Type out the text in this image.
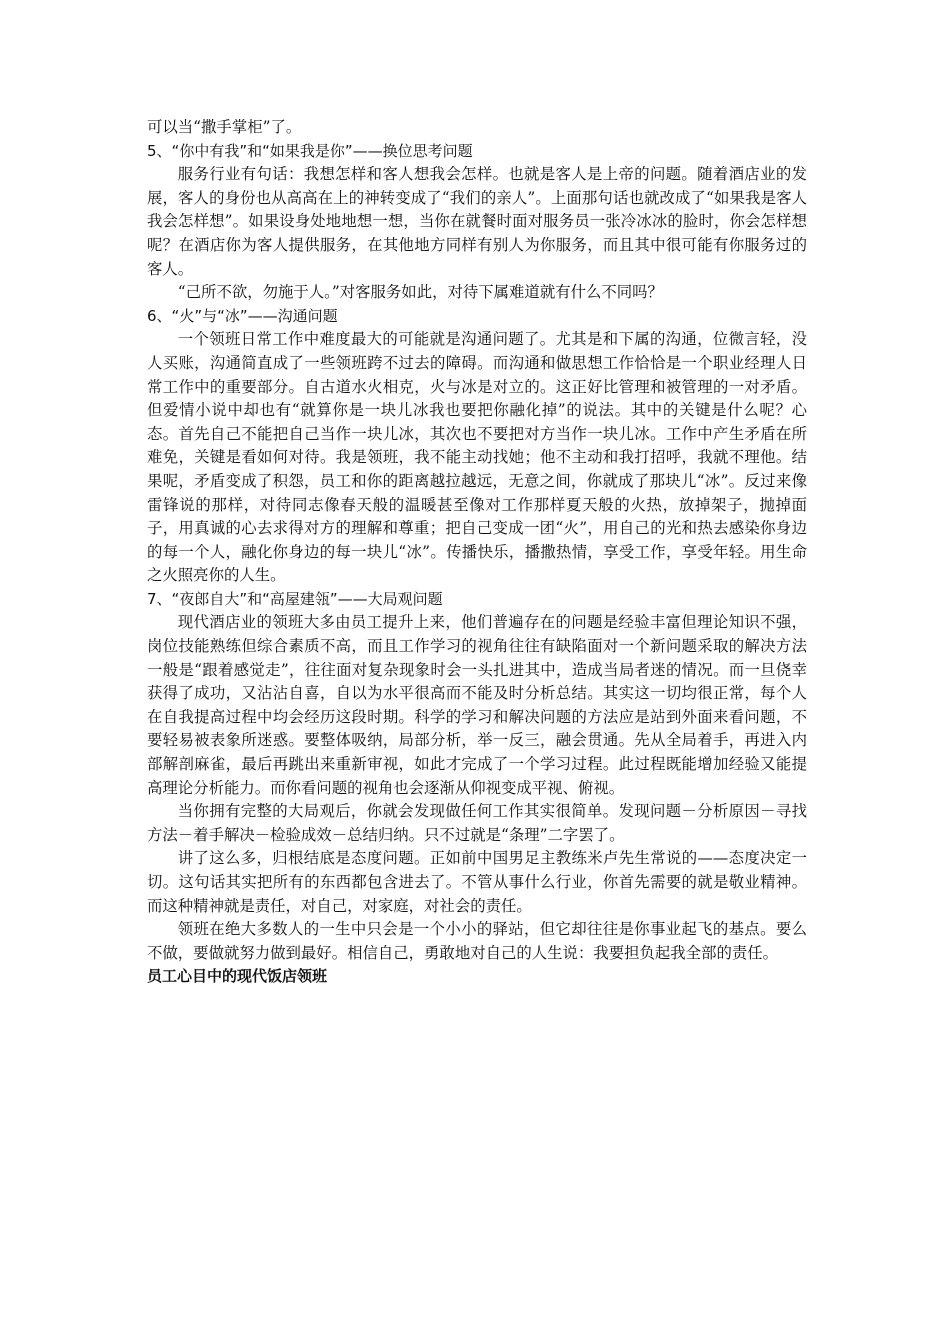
可以当“撒手掌柜”了。

5、“你中有我”和“如果我是你”——换位思考问题

服务行业有句话：我想怎样和客人想我会怎样。也就是客人是上帝的问题。随着酒店业的发展，客人的身份也从高高在上的神转变成了“我们的亲人”。上面那句话也就改成了“如果我是客人我会怎样想”。如果设身处地地想一想，当你在就餐时面对服务员一张冷冰冰的脸时，你会怎样想呢？在酒店你为客人提供服务，在其他地方同样有别人为你服务，而且其中很可能有你服务过的客人。

“己所不欲，勿施于人。”对客服务如此，对待下属难道就有什么不同吗？

6、“火”与“冰”——沟通问题

一个领班日常工作中难度最大的可能就是沟通问题了。尤其是和下属的沟通，位微言轻，没人买账，沟通简直成了一些领班跨不过去的障碍。而沟通和做思想工作恰恰是一个职业经理人日常工作中的重要部分。自古道水火相克，火与冰是对立的。这正好比管理和被管理的一对矛盾。但爱情小说中却也有“就算你是一块儿冰我也要把你融化掉”的说法。其中的关键是什么呢？心态。首先自己不能把自己当作一块儿冰，其次也不要把对方当作一块儿冰。工作中产生矛盾在所难免，关键是看如何对待。我是领班，我不能主动找她；他不主动和我打招呼，我就不理他。结果呢，矛盾变成了积怨，员工和你的距离越拉越远，无意之间，你就成了那块儿“冰”。反过来像雷锋说的那样，对待同志像春天般的温暖甚至像对工作那样夏天般的火热，放掉架子，抛掉面子，用真诚的心去求得对方的理解和尊重；把自己变成一团“火”，用自己的光和热去感染你身边的每一个人，融化你身边的每一块儿“冰”。传播快乐，播撒热情，享受工作，享受年轻。用生命之火照亮你的人生。

7、“夜郎自大”和“高屋建瓴”——大局观问题

现代酒店业的领班大多由员工提升上来，他们普遍存在的问题是经验丰富但理论知识不强，岗位技能熟练但综合素质不高，而且工作学习的视角往往有缺陷面对一个新问题采取的解决方法一般是“跟着感觉走”，往往面对复杂现象时会一头扎进其中，造成当局者迷的情况。而一旦侥幸获得了成功，又沾沾自喜，自以为水平很高而不能及时分析总结。其实这一切均很正常，每个人在自我提高过程中均会经历这段时期。科学的学习和解决问题的方法应是站到外面来看问题，不要轻易被表象所迷惑。要整体吸纳，局部分析，举一反三，融会贯通。先从全局着手，再进入内部解剖麻雀，最后再跳出来重新审视，如此才完成了一个学习过程。此过程既能增加经验又能提高理论分析能力。而你看问题的视角也会逐渐从仰视变成平视、俯视。

当你拥有完整的大局观后，你就会发现做任何工作其实很简单。发现问题－分析原因－寻找方法－着手解决－检验成效－总结归纳。只不过就是“条理”二字罢了。

讲了这么多，归根结底是态度问题。正如前中国男足主教练米卢先生常说的——态度决定一切。这句话其实把所有的东西都包含进去了。不管从事什么行业，你首先需要的就是敬业精神。而这种精神就是责任，对自己，对家庭，对社会的责任。

领班在绝大多数人的一生中只会是一个小小的驿站，但它却往往是你事业起飞的基点。要么不做，要做就努力做到最好。相信自己，勇敢地对自己的人生说：我要担负起我全部的责任。

员工心目中的现代饭店领班
